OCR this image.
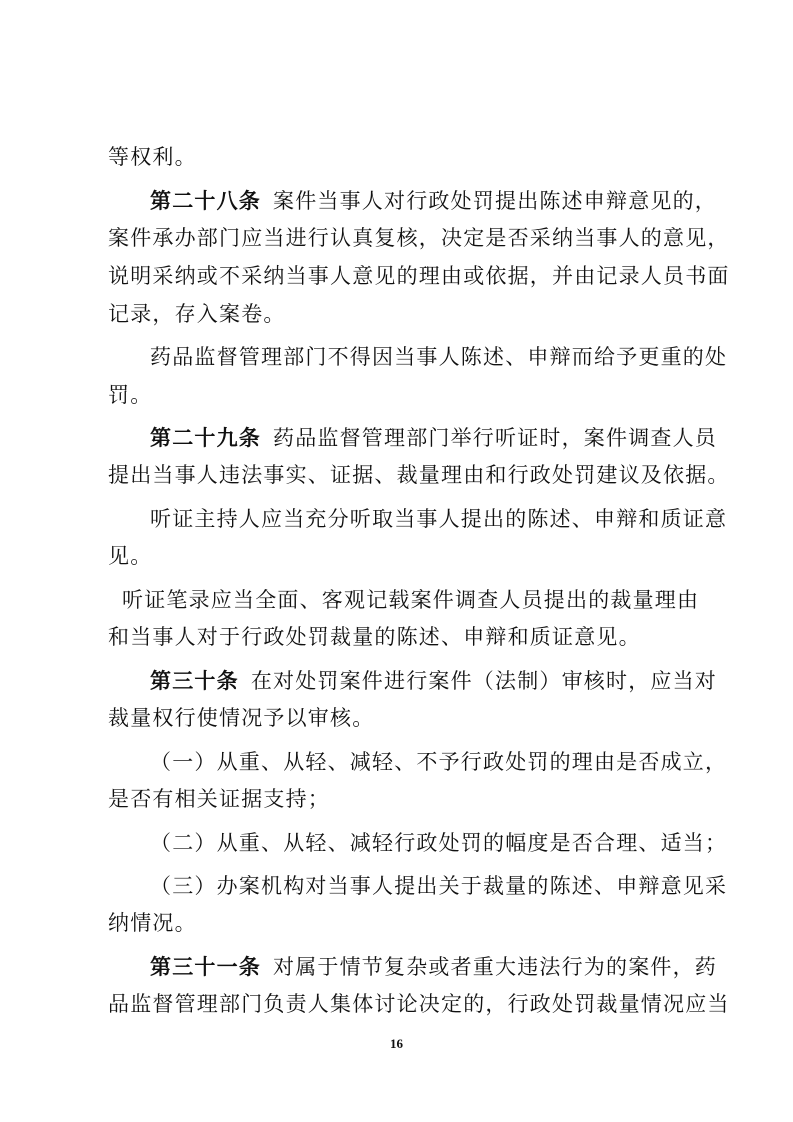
等权利。
第二十八条 案件当事人对行政处罚提出陈述申辩意见的，
案件承办部门应当进行认真复核，决定是否采纳当事人的意见，
说明采纳或不采纳当事人意见的理由或依据，并由记录人员书面
记录，存入案卷。
药品监督管理部门不得因当事人陈述、申辩而给予更重的处
罚。
第二十九条 药品监督管理部门举行听证时，案件调查人员
提出当事人违法事实、证据、裁量理由和行政处罚建议及依据。
听证主持人应当充分听取当事人提出的陈述、申辩和质证意
见。
听证笔录应当全面、客观记载案件调查人员提出的裁量理由
和当事人对于行政处罚裁量的陈述、申辩和质证意见。
第三十条 在对处罚案件进行案件（法制）审核时，应当对
裁量权行使情况予以审核。
（一）从重、从轻、减轻、不予行政处罚的理由是否成立，
是否有相关证据支持；
（二）从重、从轻、减轻行政处罚的幅度是否合理、适当；
（三）办案机构对当事人提出关于裁量的陈述、申辩意见采
纳情况。
第三十一条 对属于情节复杂或者重大违法行为的案件，药
品监督管理部门负责人集体讨论决定的，行政处罚裁量情况应当
16
